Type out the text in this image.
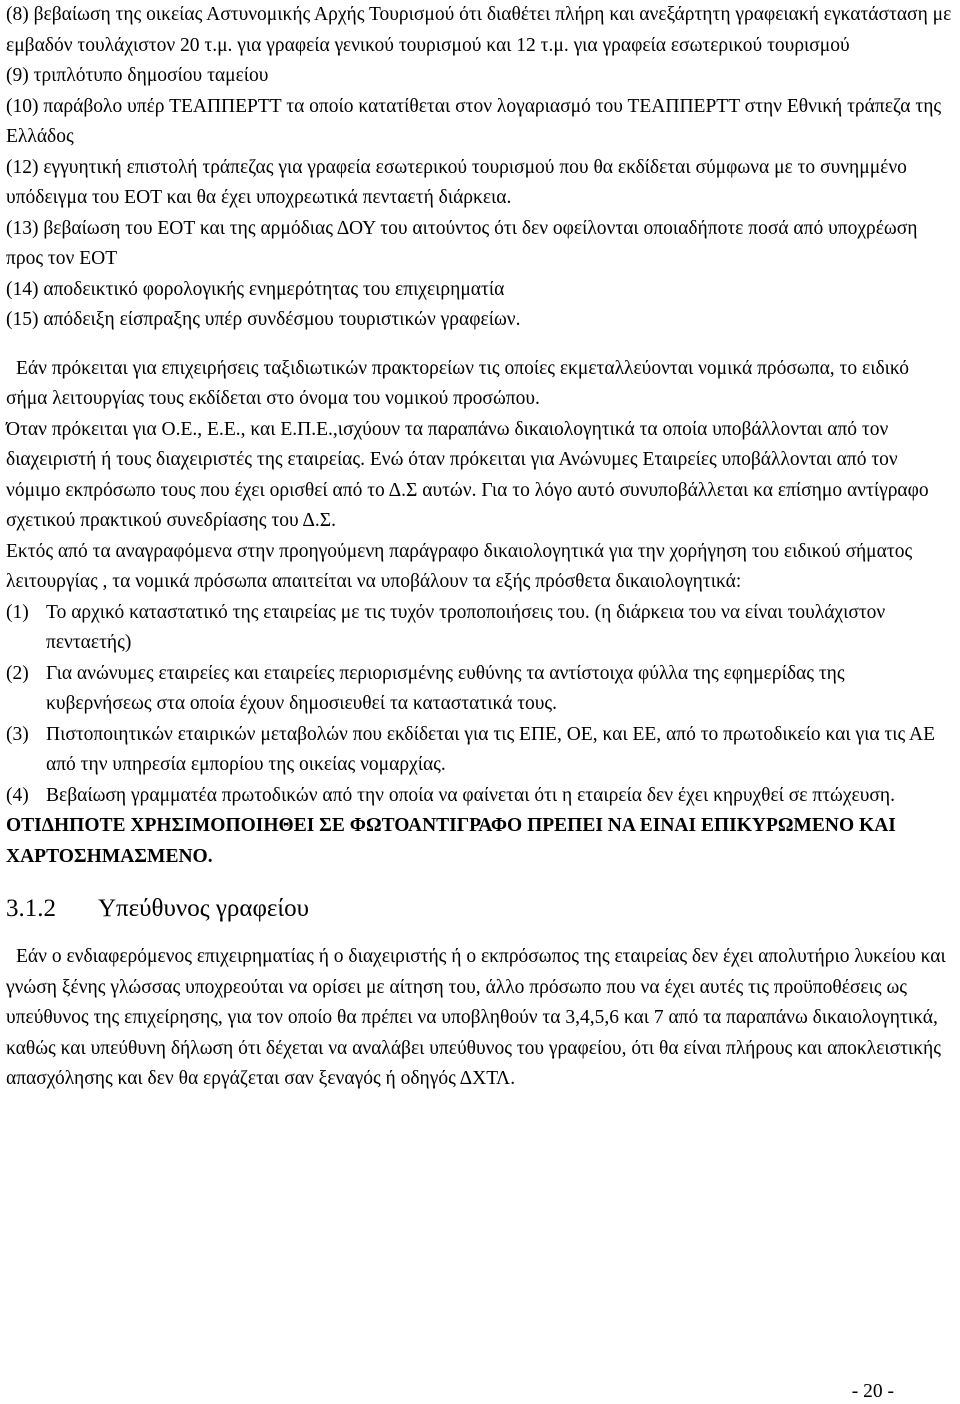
(8) βεβαίωση της οικείας Αστυνομικής Αρχής Τουρισμού ότι διαθέτει πλήρη και ανεξάρτητη γραφειακή εγκατάσταση με εμβαδόν τουλάχιστον 20 τ.μ. για γραφεία γενικού τουρισμού και 12 τ.μ. για γραφεία εσωτερικού τουρισμού

(9) τριπλότυπο δημοσίου ταμείου

(10) παράβολο υπέρ ΤΕΑΠΠΕΡΤΤ τα οποίο κατατίθεται στον λογαριασμό του ΤΕΑΠΠΕΡΤΤ στην Εθνική τράπεζα της Ελλάδος

(12) εγγυητική επιστολή τράπεζας για γραφεία εσωτερικού τουρισμού που θα εκδίδεται σύμφωνα με το συνημμένο υπόδειγμα του ΕΟΤ και θα έχει υποχρεωτικά πενταετή διάρκεια.

(13) βεβαίωση του ΕΟΤ και της αρμόδιας ΔΟΥ του αιτούντος ότι δεν οφείλονται οποιαδήποτε ποσά από υποχρέωση προς τον ΕΟΤ

(14) αποδεικτικό φορολογικής ενημερότητας του επιχειρηματία

(15) απόδειξη είσπραξης υπέρ συνδέσμου τουριστικών γραφείων.

Εάν πρόκειται για επιχειρήσεις ταξιδιωτικών πρακτορείων τις οποίες εκμεταλλεύονται νομικά πρόσωπα, το ειδικό σήμα λειτουργίας τους εκδίδεται στο όνομα του νομικού προσώπου.

Όταν πρόκειται για Ο.Ε., Ε.Ε., και Ε.Π.Ε.,ισχύουν τα παραπάνω δικαιολογητικά τα οποία υποβάλλονται από τον διαχειριστή ή τους διαχειριστές της εταιρείας. Ενώ όταν πρόκειται για Ανώνυμες Εταιρείες υποβάλλονται από τον νόμιμο εκπρόσωπο τους που έχει ορισθεί από το Δ.Σ αυτών. Για το λόγο αυτό συνυποβάλλεται κα επίσημο αντίγραφο σχετικού πρακτικού συνεδρίασης του Δ.Σ.

Εκτός από τα αναγραφόμενα στην προηγούμενη παράγραφο δικαιολογητικά για την χορήγηση του ειδικού σήματος λειτουργίας , τα νομικά πρόσωπα απαιτείται να υποβάλουν τα εξής πρόσθετα δικαιολογητικά:

(1) Το αρχικό καταστατικό της εταιρείας με τις τυχόν τροποποιήσεις του. (η διάρκεια του να είναι τουλάχιστον πενταετής)
(2) Για ανώνυμες εταιρείες και εταιρείες περιορισμένης ευθύνης τα αντίστοιχα φύλλα της εφημερίδας της κυβερνήσεως στα οποία έχουν δημοσιευθεί τα καταστατικά τους.
(3) Πιστοποιητικών εταιρικών μεταβολών που εκδίδεται για τις ΕΠΕ, ΟΕ, και ΕΕ, από το πρωτοδικείο και για τις ΑΕ από την υπηρεσία εμπορίου της οικείας νομαρχίας.
(4) Βεβαίωση γραμματέα πρωτοδικών από την οποία να φαίνεται ότι η εταιρεία δεν έχει κηρυχθεί σε πτώχευση.

ΟΤΙΔΗΠΟΤΕ ΧΡΗΣΙΜΟΠΟΙΗΘΕΙ ΣΕ ΦΩΤΟΑΝΤΙΓΡΑΦΟ ΠΡΕΠΕΙ ΝΑ ΕΙΝΑΙ ΕΠΙΚΥΡΩΜΕΝΟ ΚΑΙ ΧΑΡΤΟΣΗΜΑΣΜΕΝΟ.

3.1.2	Υπεύθυνος γραφείου

Εάν ο ενδιαφερόμενος επιχειρηματίας ή ο διαχειριστής ή ο εκπρόσωπος της εταιρείας δεν έχει απολυτήριο λυκείου και γνώση ξένης γλώσσας υποχρεούται να ορίσει με αίτηση του, άλλο πρόσωπο που να έχει αυτές τις προϋποθέσεις ως υπεύθυνος της επιχείρησης, για τον οποίο θα πρέπει να υποβληθούν τα 3,4,5,6 και 7 από τα παραπάνω δικαιολογητικά, καθώς και υπεύθυνη δήλωση ότι δέχεται να αναλάβει υπεύθυνος του γραφείου, ότι θα είναι πλήρους και αποκλειστικής απασχόλησης και δεν θα εργάζεται σαν ξεναγός ή οδηγός ΔΧΤΛ.

- 20 -
